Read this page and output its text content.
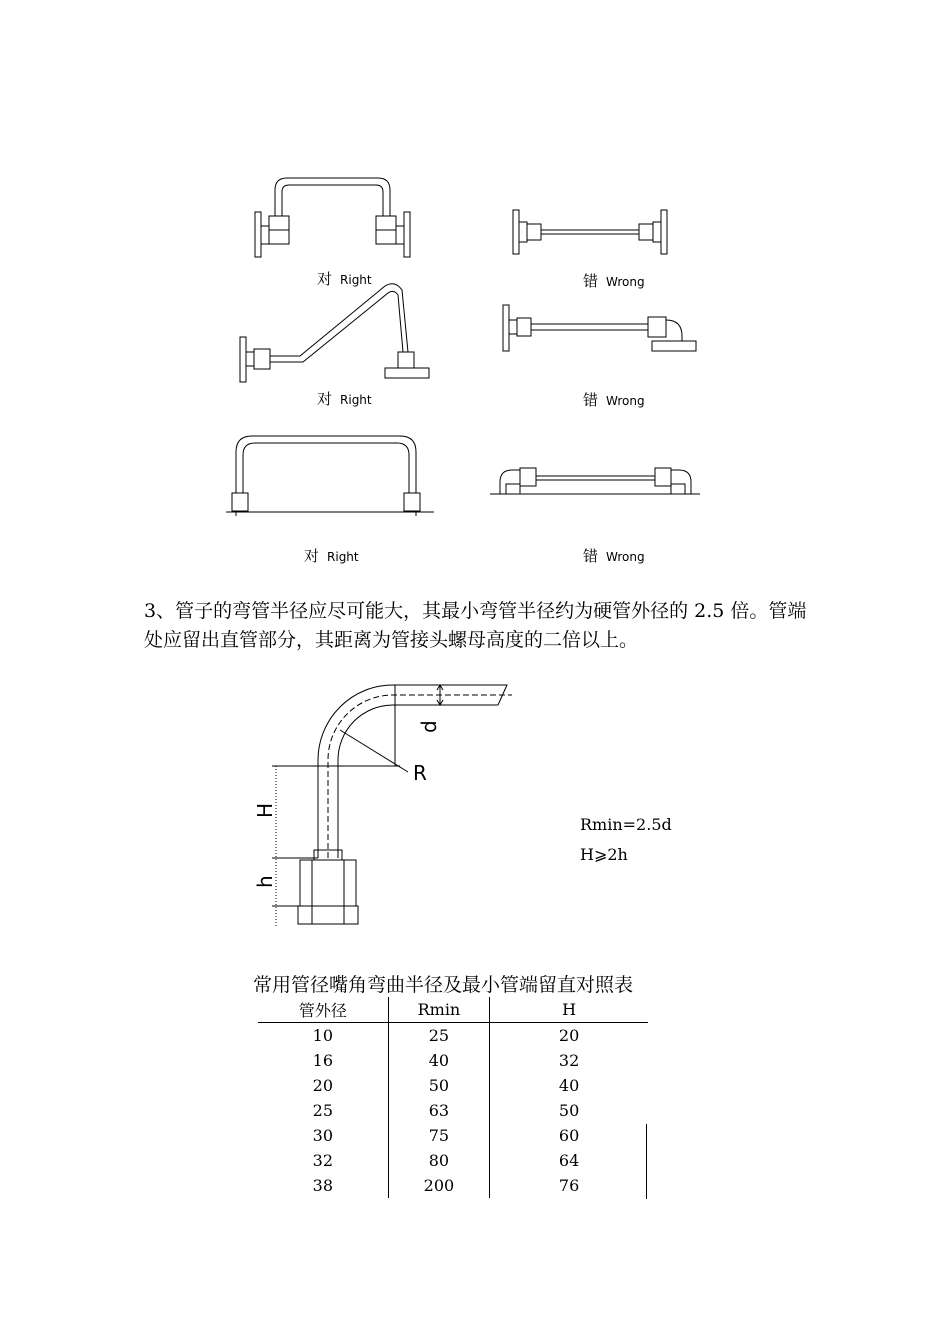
对 Right	错 Wrong
对 Right	错 Wrong
对 Right	错 Wrong
3、管子的弯管半径应尽可能大，其最小弯管半径约为硬管外径的 2.5 倍。管端处应留出直管部分，其距离为管接头螺母高度的二倍以上。
d
R
H
h
Rmin=2.5d
H⩾2h
常用管径嘴角弯曲半径及最小管端留直对照表
管外径	Rmin	H
10	25	20
16	40	32
20	50	40
25	63	50
30	75	60
32	80	64
38	200	76
